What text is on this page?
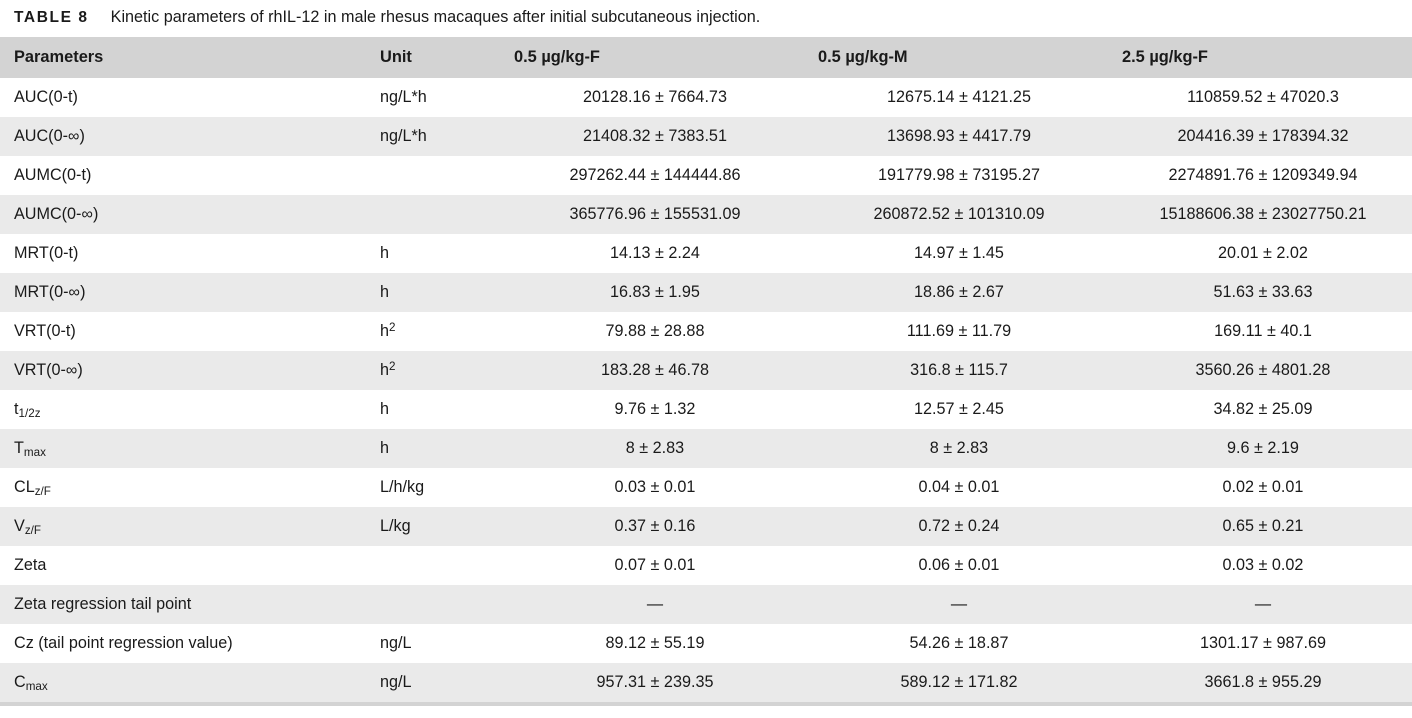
TABLE 8 Kinetic parameters of rhIL-12 in male rhesus macaques after initial subcutaneous injection.
Parameters	Unit	0.5 µg/kg-F	0.5 µg/kg-M	2.5 µg/kg-F
AUC(0-t)	ng/L*h	20128.16 ± 7664.73	12675.14 ± 4121.25	110859.52 ± 47020.3
AUC(0-∞)	ng/L*h	21408.32 ± 7383.51	13698.93 ± 4417.79	204416.39 ± 178394.32
AUMC(0-t)		297262.44 ± 144444.86	191779.98 ± 73195.27	2274891.76 ± 1209349.94
AUMC(0-∞)		365776.96 ± 155531.09	260872.52 ± 101310.09	15188606.38 ± 23027750.21
MRT(0-t)	h	14.13 ± 2.24	14.97 ± 1.45	20.01 ± 2.02
MRT(0-∞)	h	16.83 ± 1.95	18.86 ± 2.67	51.63 ± 33.63
VRT(0-t)	$h^2$	79.88 ± 28.88	111.69 ± 11.79	169.11 ± 40.1
VRT(0-∞)	$h^2$	183.28 ± 46.78	316.8 ± 115.7	3560.26 ± 4801.28
$t_{1/2z}$	h	9.76 ± 1.32	12.57 ± 2.45	34.82 ± 25.09
$T_{max}$	h	8 ± 2.83	8 ± 2.83	9.6 ± 2.19
$CL_{z/F}$	L/h/kg	0.03 ± 0.01	0.04 ± 0.01	0.02 ± 0.01
$V_{z/F}$	L/kg	0.37 ± 0.16	0.72 ± 0.24	0.65 ± 0.21
Zeta		0.07 ± 0.01	0.06 ± 0.01	0.03 ± 0.02
Zeta regression tail point		—	—	—
Cz (tail point regression value)	ng/L	89.12 ± 55.19	54.26 ± 18.87	1301.17 ± 987.69
$C_{max}$	ng/L	957.31 ± 239.35	589.12 ± 171.82	3661.8 ± 955.29
